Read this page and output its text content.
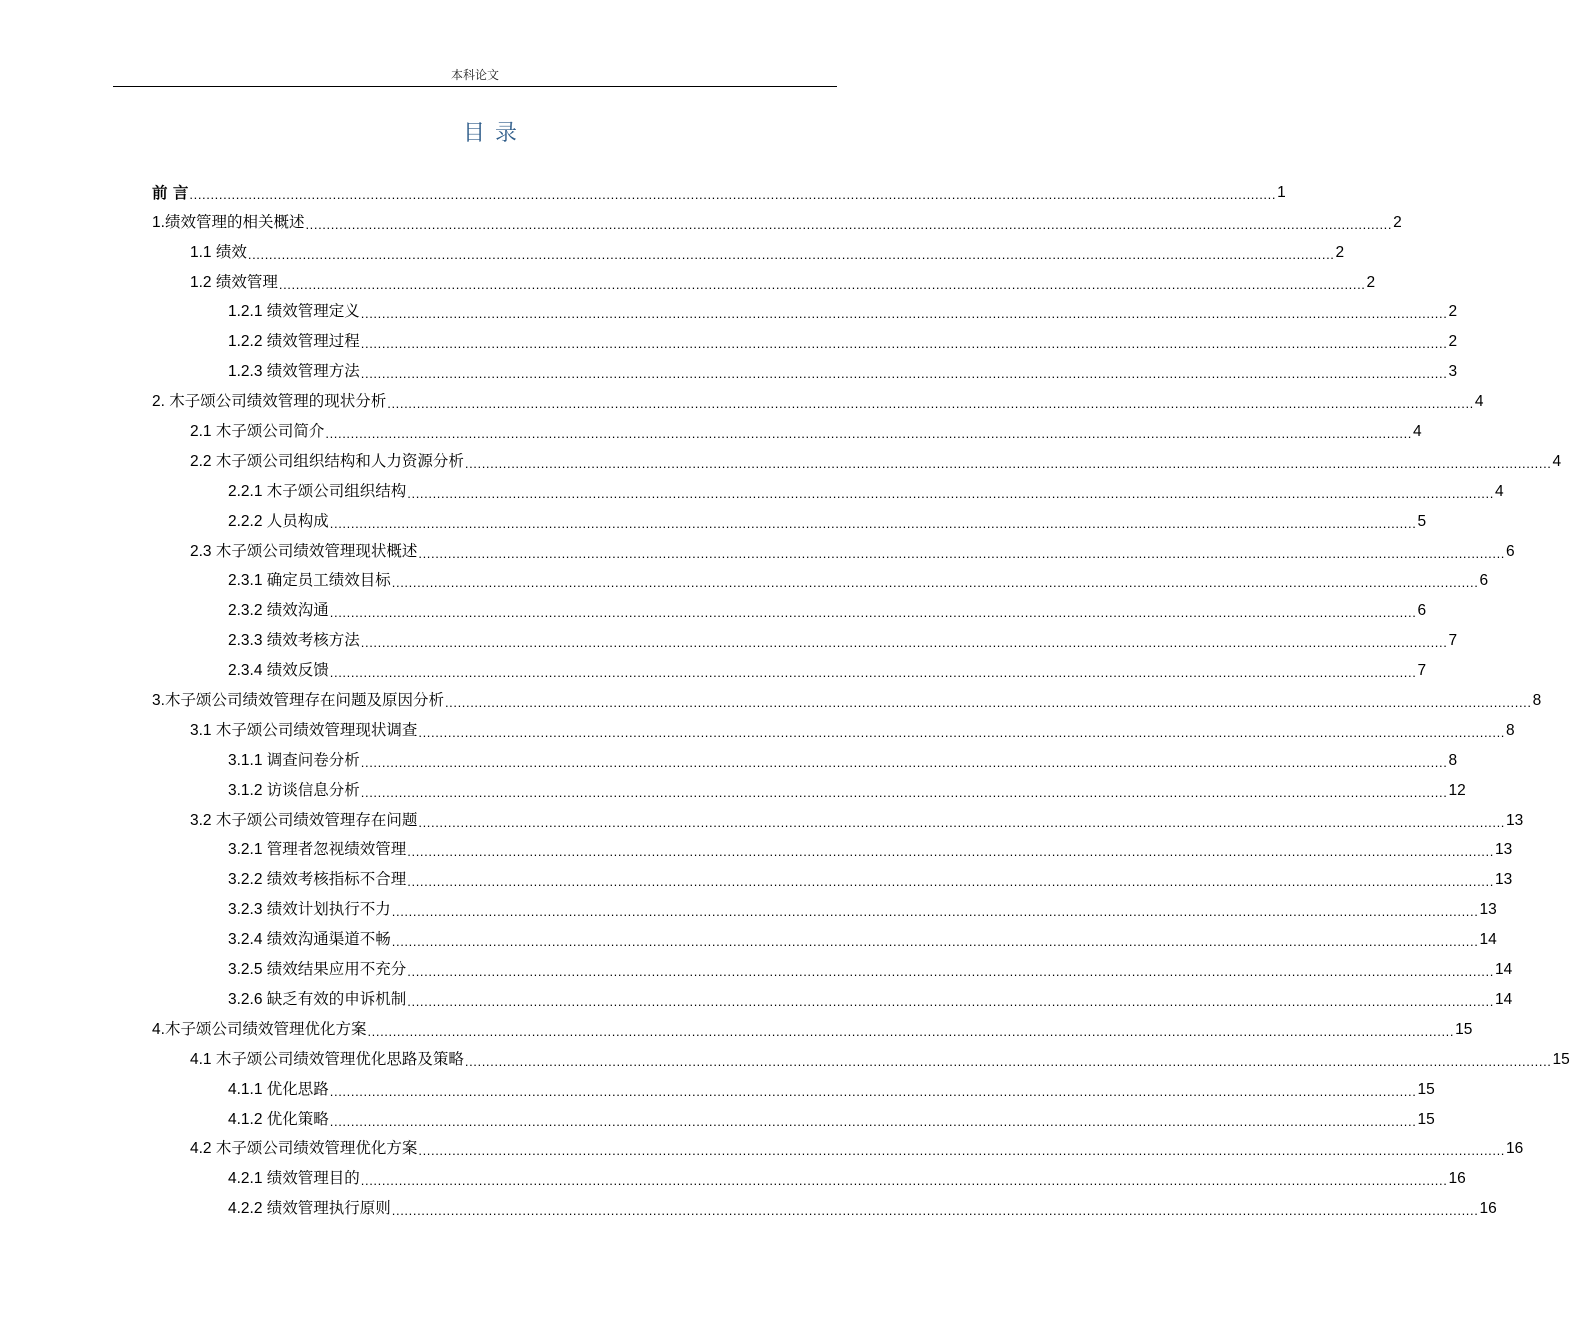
本科论文
目录
前 言 .................................................................................................................................................................................................................................................................. 1
1.绩效管理的相关概述 .................................................................................................................................................................................................................................................................. 2
1.1 绩效 .................................................................................................................................................................................................................................................................. 2
1.2 绩效管理 .................................................................................................................................................................................................................................................................. 2
1.2.1 绩效管理定义 .................................................................................................................................................................................................................................................................. 2
1.2.2 绩效管理过程 .................................................................................................................................................................................................................................................................. 2
1.2.3 绩效管理方法 .................................................................................................................................................................................................................................................................. 3
2. 木子颂公司绩效管理的现状分析 .................................................................................................................................................................................................................................................................. 4
2.1 木子颂公司简介 .................................................................................................................................................................................................................................................................. 4
2.2 木子颂公司组织结构和人力资源分析 .................................................................................................................................................................................................................................................................. 4
2.2.1 木子颂公司组织结构 .................................................................................................................................................................................................................................................................. 4
2.2.2 人员构成 .................................................................................................................................................................................................................................................................. 5
2.3 木子颂公司绩效管理现状概述 .................................................................................................................................................................................................................................................................. 6
2.3.1 确定员工绩效目标 .................................................................................................................................................................................................................................................................. 6
2.3.2 绩效沟通 .................................................................................................................................................................................................................................................................. 6
2.3.3 绩效考核方法 .................................................................................................................................................................................................................................................................. 7
2.3.4 绩效反馈 .................................................................................................................................................................................................................................................................. 7
3.木子颂公司绩效管理存在问题及原因分析 .................................................................................................................................................................................................................................................................. 8
3.1 木子颂公司绩效管理现状调查 .................................................................................................................................................................................................................................................................. 8
3.1.1 调查问卷分析 .................................................................................................................................................................................................................................................................. 8
3.1.2 访谈信息分析 .................................................................................................................................................................................................................................................................. 12
3.2 木子颂公司绩效管理存在问题 .................................................................................................................................................................................................................................................................. 13
3.2.1 管理者忽视绩效管理 .................................................................................................................................................................................................................................................................. 13
3.2.2 绩效考核指标不合理 .................................................................................................................................................................................................................................................................. 13
3.2.3 绩效计划执行不力 .................................................................................................................................................................................................................................................................. 13
3.2.4 绩效沟通渠道不畅 .................................................................................................................................................................................................................................................................. 14
3.2.5 绩效结果应用不充分 .................................................................................................................................................................................................................................................................. 14
3.2.6 缺乏有效的申诉机制 .................................................................................................................................................................................................................................................................. 14
4.木子颂公司绩效管理优化方案 .................................................................................................................................................................................................................................................................. 15
4.1 木子颂公司绩效管理优化思路及策略 .................................................................................................................................................................................................................................................................. 15
4.1.1 优化思路 .................................................................................................................................................................................................................................................................. 15
4.1.2 优化策略 .................................................................................................................................................................................................................................................................. 15
4.2 木子颂公司绩效管理优化方案 .................................................................................................................................................................................................................................................................. 16
4.2.1 绩效管理目的 .................................................................................................................................................................................................................................................................. 16
4.2.2 绩效管理执行原则 .................................................................................................................................................................................................................................................................. 16
